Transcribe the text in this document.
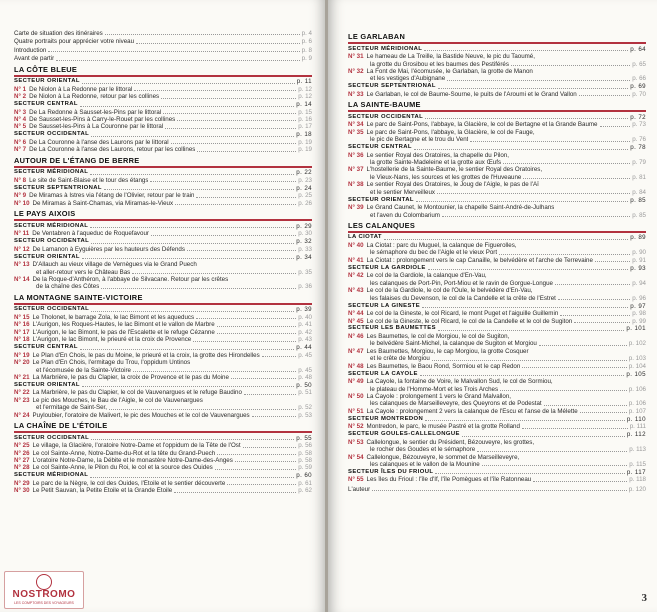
Carte de situation des itinéraires	p. 4
Quatre portraits pour apprécier votre niveau	p. 6
Introduction	p. 8
Avant de partir	p. 9
LA CÔTE BLEUE
SECTEUR ORIENTAL	p. 11
N° 1 De Niolon à La Redonne par le littoral	p. 12
N° 2 De Niolon à La Redonne, retour par les collines	p. 12
SECTEUR CENTRAL	p. 14
N° 3 De La Redonne à Sausset-les-Pins par le littoral	p. 15
N° 4 De Sausset-les-Pins à Carry-le-Rouet par les collines	p. 16
N° 5 De Sausset-les-Pins à La Couronne par le littoral	p. 17
SECTEUR OCCIDENTAL	p. 18
N° 6 De La Couronne à l'anse des Laurons par le littoral	p. 19
N° 7 De La Couronne à l'anse des Laurons, retour par les collines	p. 19
AUTOUR DE L'ÉTANG DE BERRE
SECTEUR MÉRIDIONAL	p. 22
N° 8 Le site de Saint-Blaise et le tour des étangs	p. 23
SECTEUR SEPTENTRIONAL	p. 24
N° 9 De Miramas à Istres via l'étang de l'Olivier, retour par le train	p. 25
N° 10 De Miramas à Saint-Chamas, via Miramas-le-Vieux	p. 26
LE PAYS AIXOIS
SECTEUR MÉRIDIONAL	p. 29
N° 11 De Ventabren à l'aqueduc de Roquefavour	p. 30
SECTEUR OCCIDENTAL	p. 32
N° 12 De Lamanon à Eyguières par les hauteurs des Défends	p. 33
SECTEUR ORIENTAL	p. 34
N° 13 D'Allauch au vieux village de Vernègues via le Grand Puech
et aller-retour vers le Château Bas	p. 35
N° 14 De la Roque-d'Anthéron, à l'abbaye de Silvacane. Retour par les crêtes
de la chaîne des Côtes	p. 36
LA MONTAGNE SAINTE-VICTOIRE
SECTEUR OCCIDENTAL	p. 39
N° 15 Le Tholonet, le barrage Zola, le lac Bimont et les aqueducs	p. 40
N° 16 L'Aurigon, les Roques-Hautes, le lac Bimont et le vallon de Marbre	p. 41
N° 17 L'Aurigon, le lac Bimont, le pas de l'Escalette et le refuge Cézanne	p. 42
N° 18 L'Aurigon, le lac Bimont, le prieuré et la croix de Provence	p. 43
SECTEUR CENTRAL	p. 44
N° 19 Le Plan d'En Chois, le pas du Moine, le prieuré et la croix, la grotte des Hirondelles	p. 45
N° 20 Le Plan d'En Chois, l'ermitage du Trou, l'oppidum Untinos
et l'écomusée de la Sainte-Victoire	p. 45
N° 21 La Marbrière, le pas du Clapier, la croix de Provence et le pas du Moine	p. 48
SECTEUR ORIENTAL	p. 50
N° 22 La Marbrière, le pas du Clapier, le col de Vauvenargues et le refuge Baudino	p. 51
N° 23 Le pic des Mouches, le Bau de l'Aigle, le col de Vauvenargues
et l'ermitage de Saint-Ser,	p. 52
N° 24 Puyloubier, l'oratoire de Malivert, le pic des Mouches et le col de Vauvenargues	p. 53
LA CHAÎNE DE L'ÉTOILE
SECTEUR OCCIDENTAL	p. 55
N° 25 Le village, la Glacière, l'oratoire Notre-Dame et l'oppidum de la Tête de l'Ost	p. 56
N° 26 Le col Sainte-Anne, Notre-Dame-du-Rot et la tête du Grand-Puech	p. 58
N° 27 L'oratoire Notre-Dame, la Débite et le monastère Notre-Dame-des-Anges	p. 58
N° 28 Le col Sainte-Anne, le Pilon du Roi, le col et la source des Ouides	p. 59
SECTEUR MÉRIDIONAL	p. 60
N° 29 Le parc de la Nègre, le col des Ouides, l'Étoile et le sentier découverte	p. 61
N° 30 Le Petit Sauvan, la Petite Étoile et la Grande Étoile	p. 62
NOSTROMO
LES COMPTOIRS DES VOYAGEURS
LE GARLABAN
SECTEUR MÉRIDIONAL	p. 64
N° 31 Le hameau de La Treille, la Bastide Neuve, le pic du Taoumé,
la grotte du Grosibou et les baumes des Pestiférés	p. 65
N° 32 La Font de Mai, l'écomusée, le Garlaban, la grotte de Manon
et les vestiges d'Aubignane	p. 66
SECTEUR SEPTENTRIONAL	p. 69
N° 33 Le Garlaban, le col de Baume-Sourne, le puits de l'Aroumi et le Grand Vallon	p. 70
LA SAINTE-BAUME
SECTEUR OCCIDENTAL	p. 72
N° 34 Le parc de Saint-Pons, l'abbaye, la Glacière, le col de Bertagne et la Grande Baume	p. 73
N° 35 Le parc de Saint-Pons, l'abbaye, la Glacière, le col de Fauge,
le pic de Bertagne et le trou du Vent	p. 76
SECTEUR CENTRAL	p. 78
N° 36 Le sentier Royal des Oratoires, la chapelle du Pilon,
la grotte Sainte-Madeleine et la grotte aux Œufs	p. 79
N° 37 L'hostellerie de la Sainte-Baume, le sentier Royal des Oratoires,
le Vieux-Nans, les sources et les grottes de l'Huveaune	p. 81
N° 38 Le sentier Royal des Oratoires, le Joug de l'Aigle, le pas de l'Aï
et le sentier Merveilleux	p. 84
SECTEUR ORIENTAL	p. 85
N° 39 Le Grand Caunet, le Montounier, la chapelle Saint-André-de-Julhans
et l'aven du Colombarium	p. 85
LES CALANQUES
LA CIOTAT	p. 89
N° 40 La Ciotat : parc du Muguel, la calanque de Figuerolles,
le sémaphore du bec de l'Aigle et le vieux Port	p. 90
N° 41 La Ciotat : prolongement vers le cap Canaille, le belvédère et l'arche de Terrevaine	p. 91
SECTEUR LA GARDIOLE	p. 93
N° 42 Le col de la Gardiole, la calanque d'En-Vau,
les calanques de Port-Pin, Port-Miou et le ravin de Gorgue-Longue	p. 94
N° 43 Le col de la Gardiole, le col de l'Oule, le belvédère d'En-Vau,
les falaises du Devenson, le col de la Candelle et la crête de l'Estret	p. 96
SECTEUR LA GINESTE	p. 97
N° 44 Le col de la Gineste, le col Ricard, le mont Puget et l'aiguille Guillemin	p. 98
N° 45 Le col de la Gineste, le col Ricard, le col de la Candelle et le col de Sugiton	p. 99
SECTEUR LES BAUMETTES	p. 101
N° 46 Les Baumettes, le col de Morgiou, le col de Sugiton,
le belvédère Saint-Michel, la calanque de Sugiton et Morgiou	p. 102
N° 47 Les Baumettes, Morgiou, le cap Morgiou, la grotte Cosquer
et le crête de Morgiou	p. 103
N° 48 Les Baumettes, le Baou Rond, Sormiou et le cap Redon	p. 104
SECTEUR LA CAYOLE	p. 105
N° 49 La Cayole, la fontaine de Voire, le Malvallon Sud, le col de Sormiou,
le plateau de l'Homme-Mort et les Trois Arches	p. 106
N° 50 La Cayole : prolongement 1 vers le Grand Malvallon,
les calanques de Marseilleveyre, des Queyrons et de Podestat	p. 106
N° 51 La Cayole : prolongement 2 vers la calanque de l'Escu et l'anse de la Mélette	p. 107
SECTEUR MONTREDON	p. 110
N° 52 Montredon, le parc, le musée Pastré et la grotte Rolland	p. 111
SECTEUR GOULES-CALLELONGUE	p. 112
N° 53 Callelongue, le sentier du Président, Bézouveyre, les grottes,
le rocher des Goudes et le sémaphore	p. 113
N° 54 Callelongue, Bézouveyre, le sommet de Marseilleveyre,
les calanques et le vallon de la Mounine	p. 115
SECTEUR ÎLES DU FRIOUL	p. 117
N° 55 Les îles du Frioul : l'île d'If, l'île Pomègues et l'île Ratonneau	p. 118
L'auteur	p. 120
3
